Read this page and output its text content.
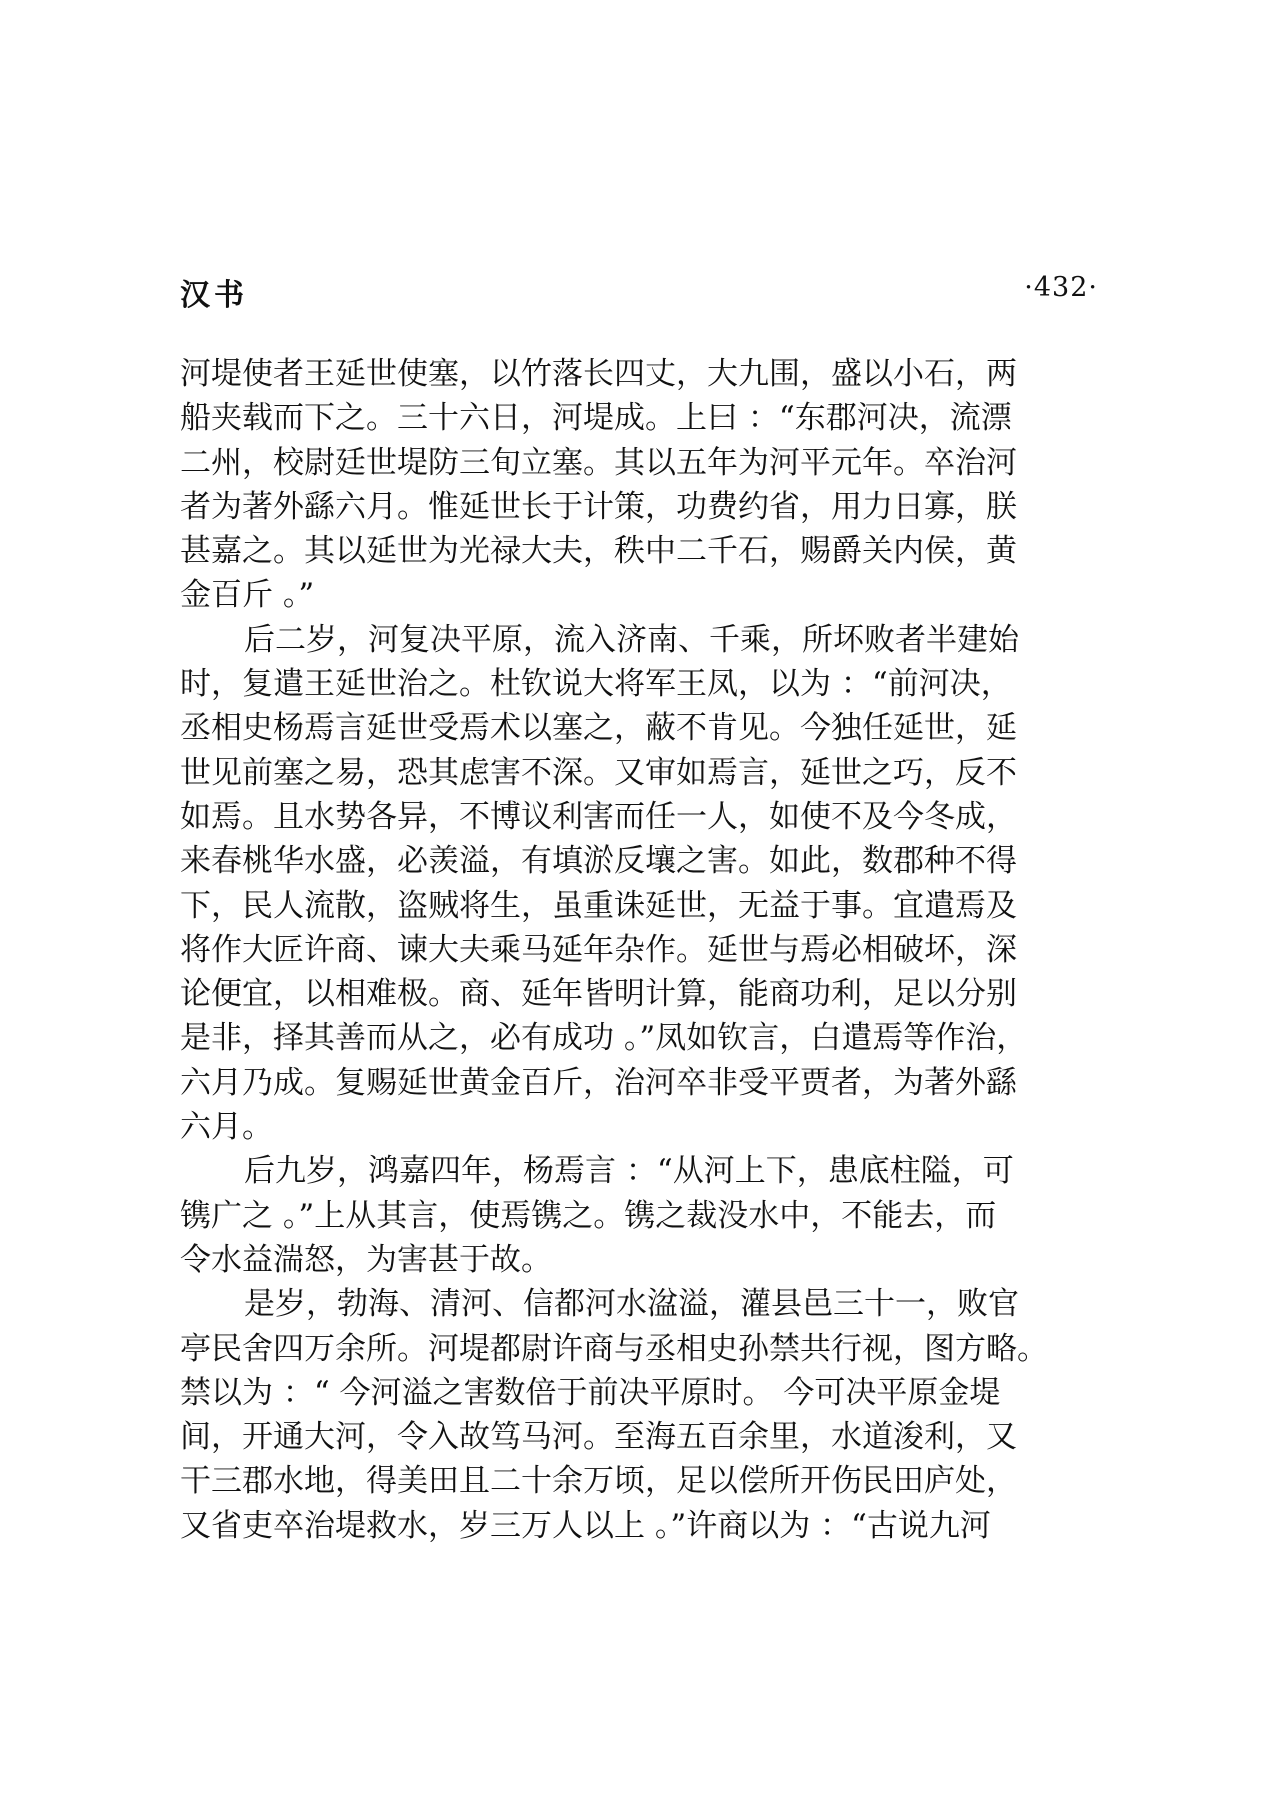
汉书	·432·
河堤使者王延世使塞，以竹落长四丈，大九围，盛以小石，两
船夹载而下之。三十六日，河堤成。上曰 ：“东郡河决，流漂
二州，校尉廷世堤防三旬立塞。其以五年为河平元年。卒治河
者为著外繇六月。惟延世长于计策，功费约省，用力日寡，朕
甚嘉之。其以延世为光禄大夫，秩中二千石，赐爵关内侯，黄
金百斤 。”
后二岁，河复决平原，流入济南、千乘，所坏败者半建始
时，复遣王延世治之。杜钦说大将军王凤，以为 ：“前河决，
丞相史杨焉言延世受焉术以塞之，蔽不肯见。今独任延世，延
世见前塞之易，恐其虑害不深。又审如焉言，延世之巧，反不
如焉。且水势各异，不博议利害而任一人，如使不及今冬成，
来春桃华水盛，必羡溢，有填淤反壤之害。如此，数郡种不得
下，民人流散，盗贼将生，虽重诛延世，无益于事。宜遣焉及
将作大匠许商、谏大夫乘马延年杂作。延世与焉必相破坏，深
论便宜，以相难极。商、延年皆明计算，能商功利，足以分别
是非，择其善而从之，必有成功 。”凤如钦言，白遣焉等作治，
六月乃成。复赐延世黄金百斤，治河卒非受平贾者，为著外繇
六月。
后九岁，鸿嘉四年，杨焉言 ：“从河上下，患底柱隘，可
镌广之 。”上从其言，使焉镌之。镌之裁没水中，不能去，而
令水益湍怒，为害甚于故。
是岁，勃海、清河、信都河水湓溢，灌县邑三十一，败官
亭民舍四万余所。河堤都尉许商与丞相史孙禁共行视，图方略。
禁以为 ：“ 今河溢之害数倍于前决平原时。 今可决平原金堤
间，开通大河，令入故笃马河。至海五百余里，水道浚利，又
干三郡水地，得美田且二十余万顷，足以偿所开伤民田庐处，
又省吏卒治堤救水，岁三万人以上 。”许商以为 ：“古说九河
